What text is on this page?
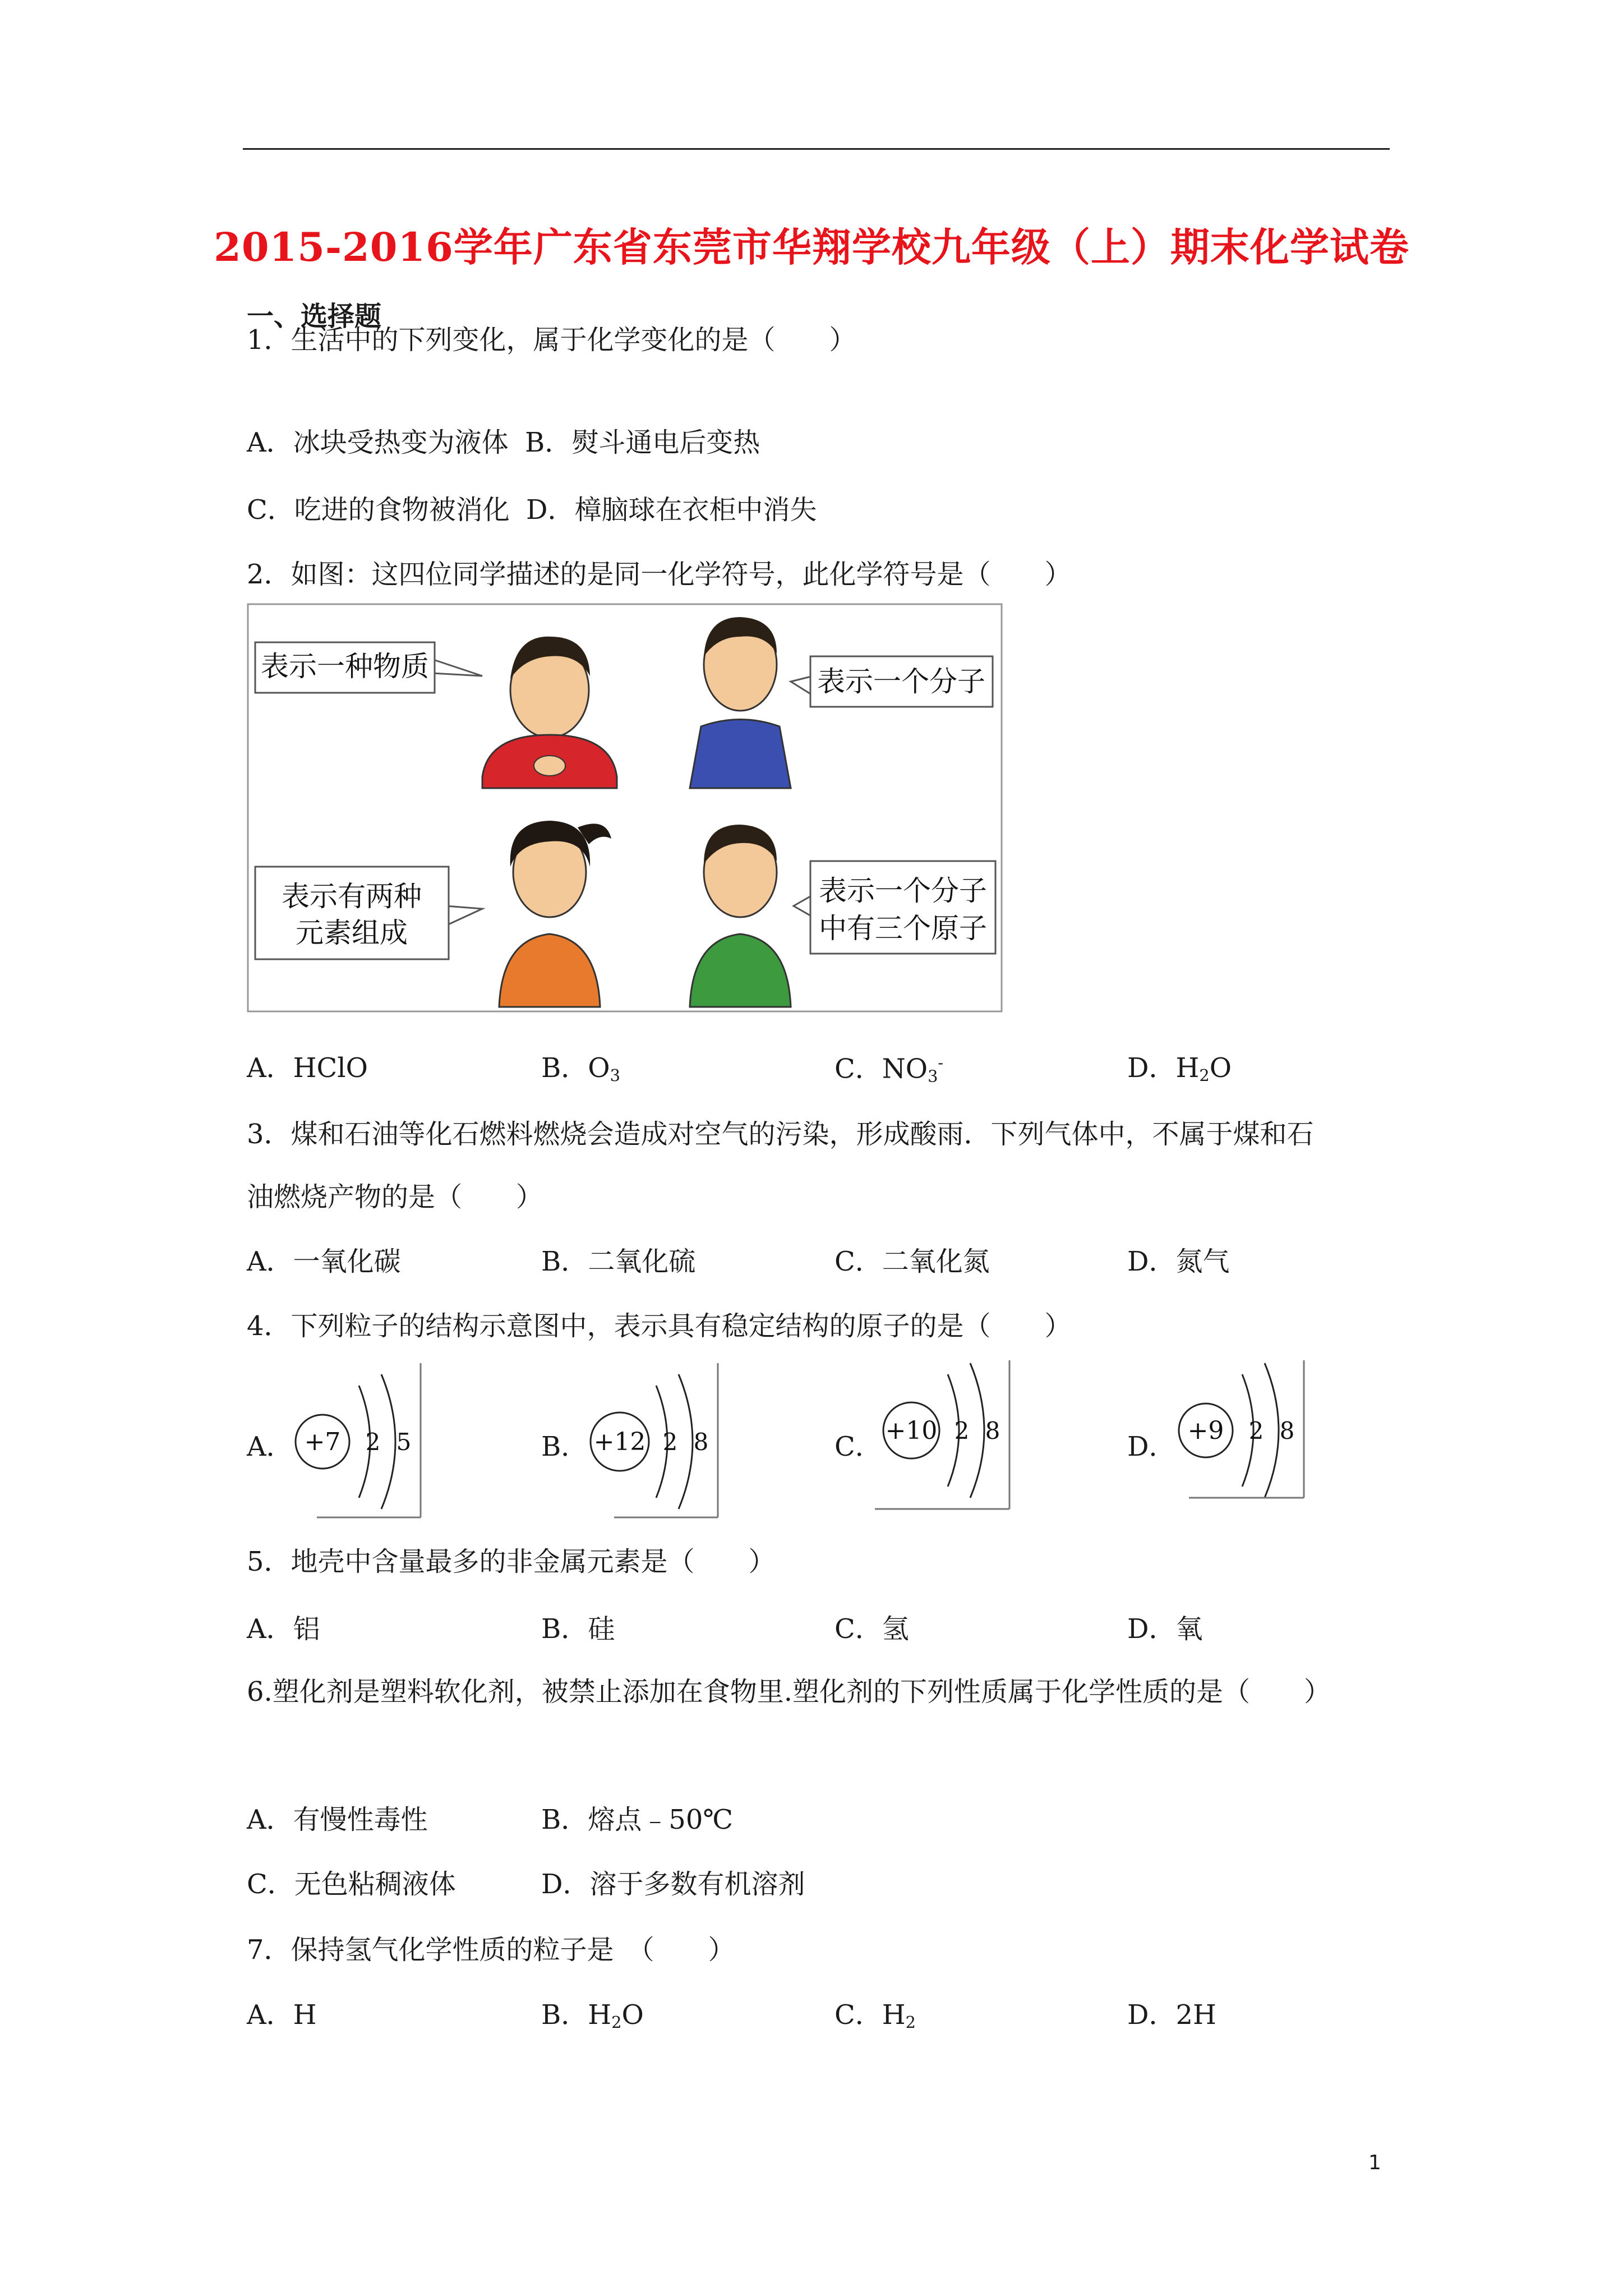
2015-2016学年广东省东莞市华翔学校九年级（上）期末化学试卷
一、选择题
1．生活中的下列变化，属于化学变化的是（　　）
A．冰块受热变为液体 B．熨斗通电后变热
C．吃进的食物被消化 D．樟脑球在衣柜中消失
2．如图：这四位同学描述的是同一化学符号，此化学符号是（　　）
表示一种物质	表示一个分子
表示有两种
元素组成
表示一个分子
中有三个原子
A．HClO	B．$O_3$	C．$NO_3^-$	D．$H_2O$
3．煤和石油等化石燃料燃烧会造成对空气的污染，形成酸雨．下列气体中，不属于煤和石
油燃烧产物的是（　　）
A．一氧化碳	B．二氧化硫	C．二氧化氮	D．氮气
4．下列粒子的结构示意图中，表示具有稳定结构的原子的是（　　）
A．	B．	C．	D．
+7 2 5	+12 2 8	+10 2 8	+9 2 8
5．地壳中含量最多的非金属元素是（　　）
A．铝	B．硅	C．氢	D．氧
6.塑化剂是塑料软化剂，被禁止添加在食物里.塑化剂的下列性质属于化学性质的是（　　）
A．有慢性毒性	B．熔点﹣50℃
C．无色粘稠液体	D．溶于多数有机溶剂
7．保持氢气化学性质的粒子是　（　　）
A．H	B．$H_2O$	C．$H_2$	D．2H
1
